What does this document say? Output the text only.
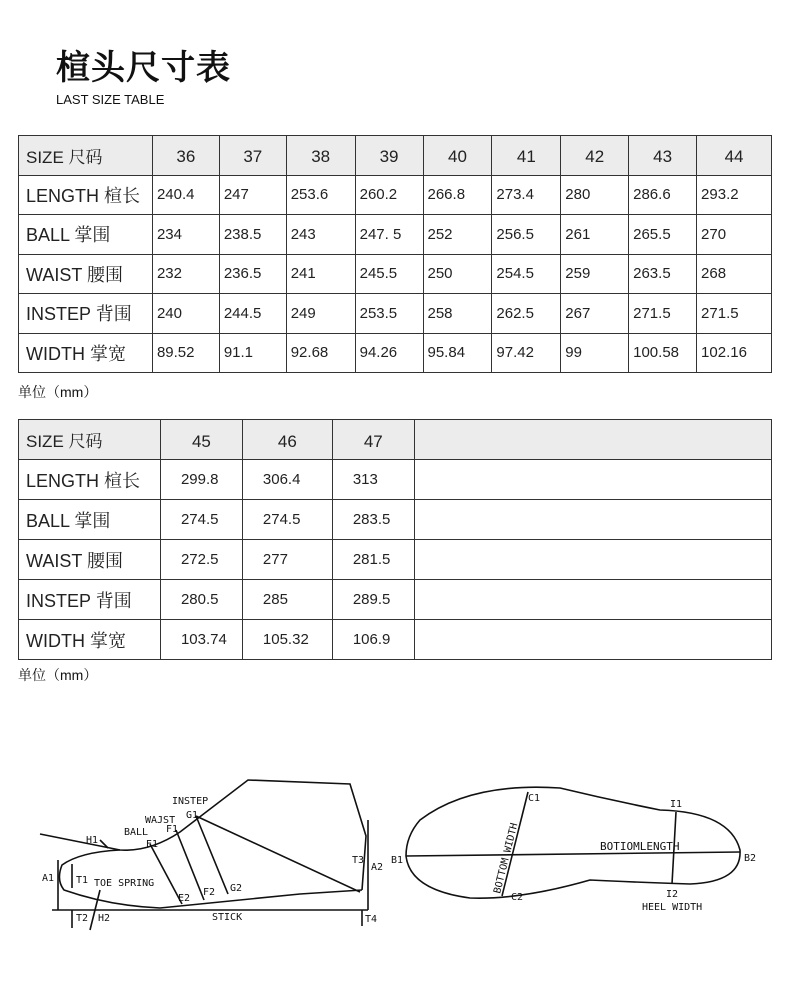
楦头尺寸表
LAST SIZE TABLE
SIZE 尺码	36	37	38	39	40	41	42	43	44
LENGTH 楦长	240.4	247	253.6	260.2	266.8	273.4	280	286.6	293.2
BALL 掌围	234	238.5	243	247. 5	252	256.5	261	265.5	270
WAIST 腰围	232	236.5	241	245.5	250	254.5	259	263.5	268
INSTEP 背围	240	244.5	249	253.5	258	262.5	267	271.5	271.5
WIDTH 掌宽	89.52	91.1	92.68	94.26	95.84	97.42	99	100.58	102.16
单位（mm）
SIZE 尺码	45	46	47	
LENGTH 楦长	299.8	306.4	313	
BALL 掌围	274.5	274.5	283.5	
WAIST 腰围	272.5	277	281.5	
INSTEP 背围	280.5	285	289.5	
WIDTH 掌宽	103.74	105.32	106.9	
单位（mm）
INSTEP
G1
WAJST
F1
BALL
E1
H1
A1 T1 TOE SPRING
E2
F2 G2
T3
A2
T2 H2	STICK	T4
C1
I1
B1	B2
BOTIOMLENGTH
BOTTOM WIDTH
C2	I2
HEEL WIDTH
